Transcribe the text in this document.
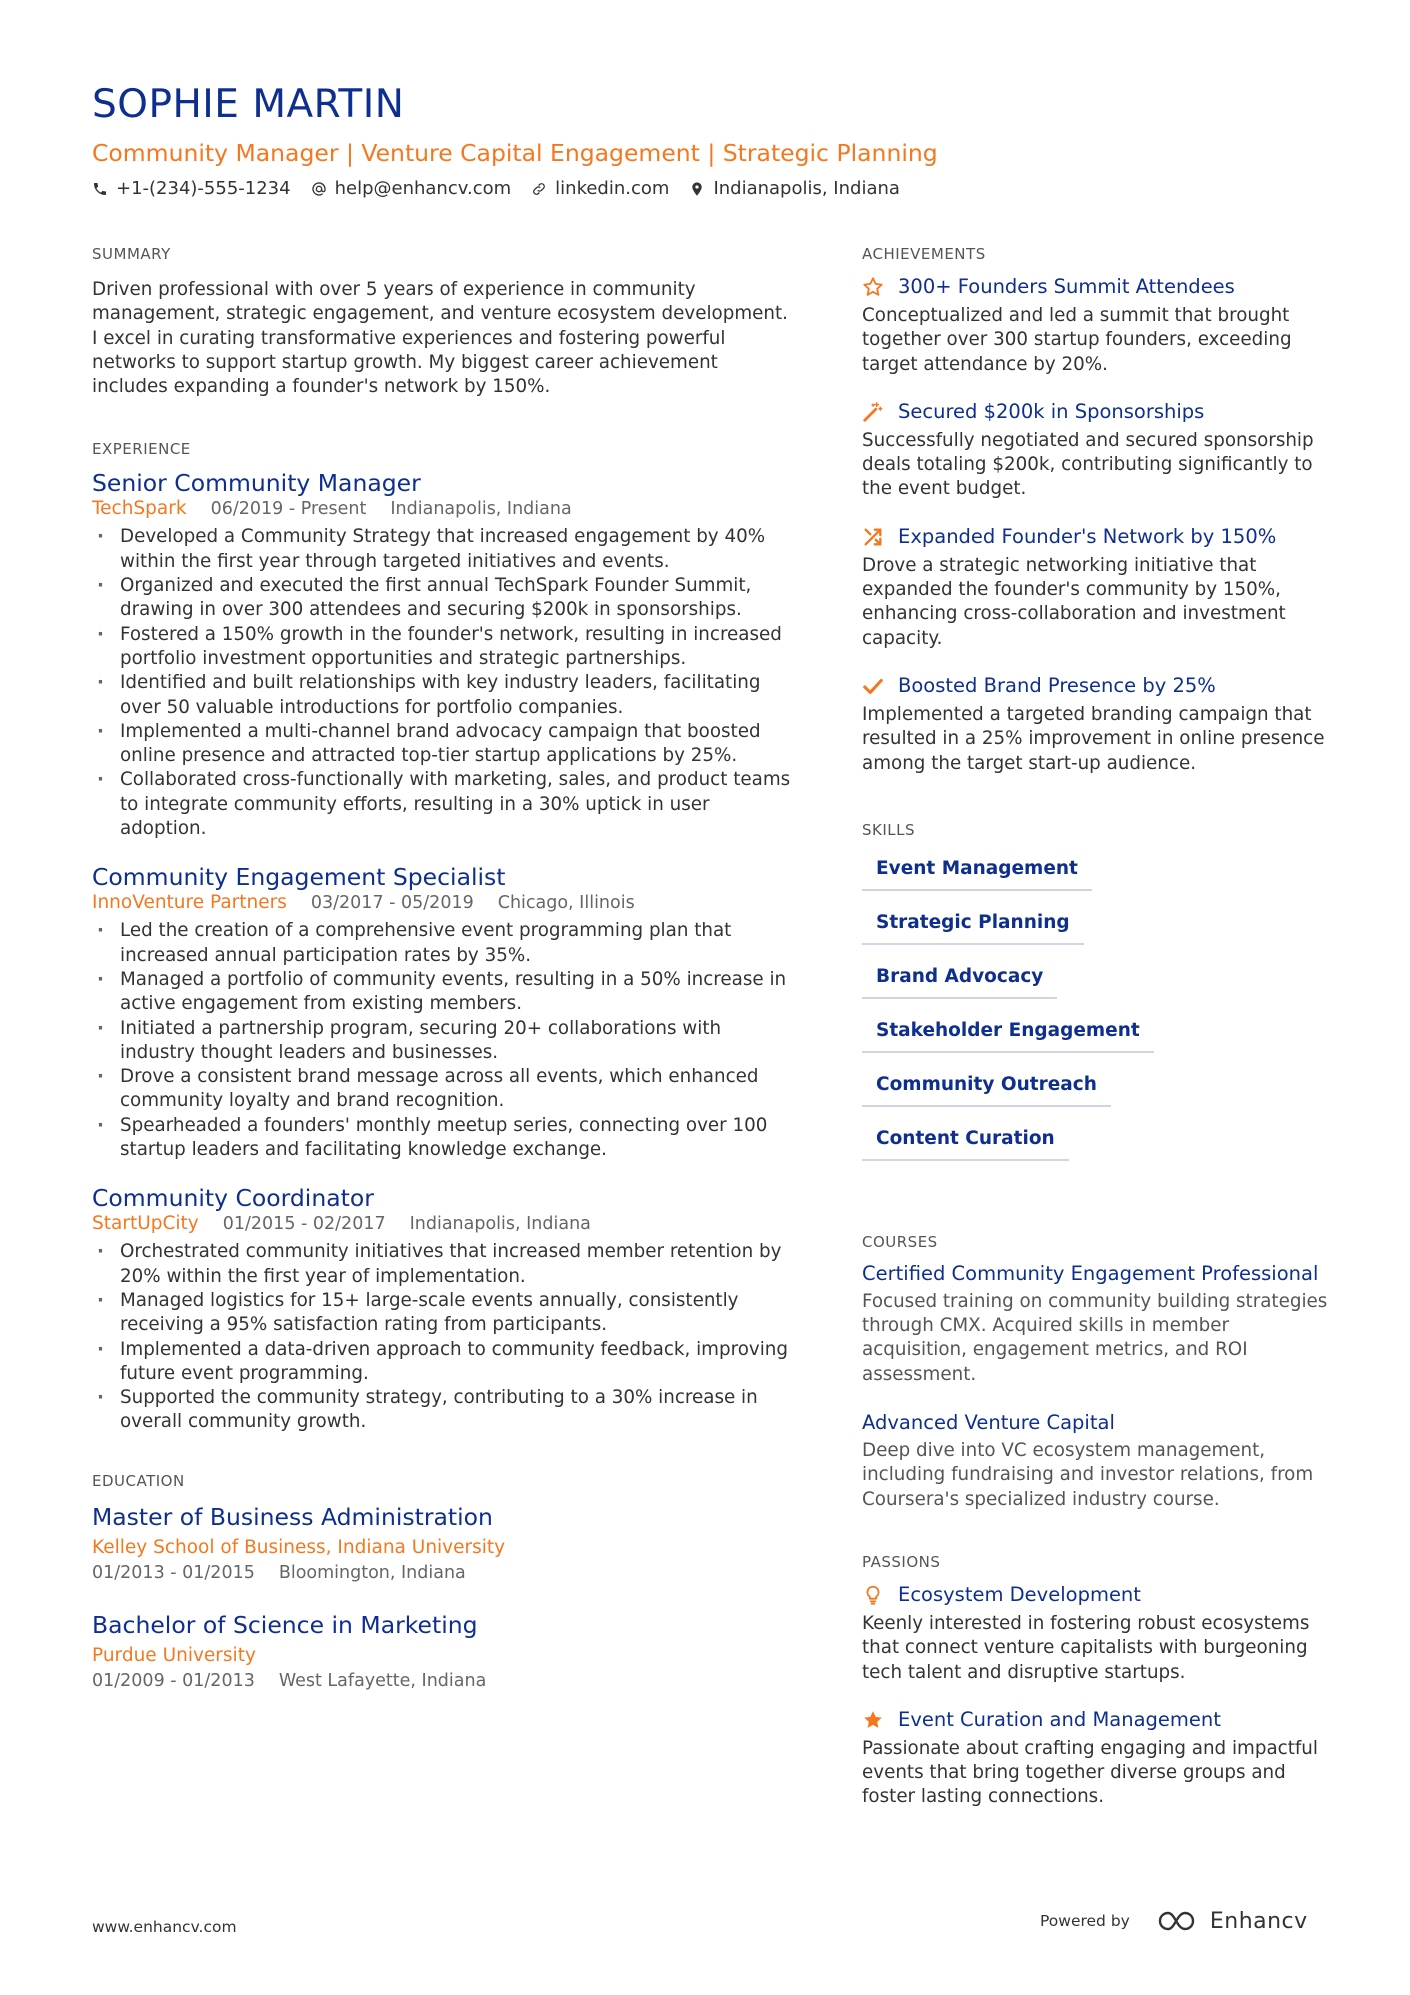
SOPHIE MARTIN
Community Manager | Venture Capital Engagement | Strategic Planning
+1-(234)-555-1234 help@enhancv.com linkedin.com Indianapolis, Indiana
SUMMARY
Driven professional with over 5 years of experience in community management, strategic engagement, and venture ecosystem development. I excel in curating transformative experiences and fostering powerful networks to support startup growth. My biggest career achievement includes expanding a founder's network by 150%.
EXPERIENCE
Senior Community Manager
TechSpark 06/2019 - Present Indianapolis, Indiana
· Developed a Community Strategy that increased engagement by 40% within the first year through targeted initiatives and events.
· Organized and executed the first annual TechSpark Founder Summit, drawing in over 300 attendees and securing $200k in sponsorships.
· Fostered a 150% growth in the founder's network, resulting in increased portfolio investment opportunities and strategic partnerships.
· Identified and built relationships with key industry leaders, facilitating over 50 valuable introductions for portfolio companies.
· Implemented a multi-channel brand advocacy campaign that boosted online presence and attracted top-tier startup applications by 25%.
· Collaborated cross-functionally with marketing, sales, and product teams to integrate community efforts, resulting in a 30% uptick in user adoption.
Community Engagement Specialist
InnoVenture Partners 03/2017 - 05/2019 Chicago, Illinois
· Led the creation of a comprehensive event programming plan that increased annual participation rates by 35%.
· Managed a portfolio of community events, resulting in a 50% increase in active engagement from existing members.
· Initiated a partnership program, securing 20+ collaborations with industry thought leaders and businesses.
· Drove a consistent brand message across all events, which enhanced community loyalty and brand recognition.
· Spearheaded a founders' monthly meetup series, connecting over 100 startup leaders and facilitating knowledge exchange.
Community Coordinator
StartUpCity 01/2015 - 02/2017 Indianapolis, Indiana
· Orchestrated community initiatives that increased member retention by 20% within the first year of implementation.
· Managed logistics for 15+ large-scale events annually, consistently receiving a 95% satisfaction rating from participants.
· Implemented a data-driven approach to community feedback, improving future event programming.
· Supported the community strategy, contributing to a 30% increase in overall community growth.
EDUCATION
Master of Business Administration
Kelley School of Business, Indiana University
01/2013 - 01/2015 Bloomington, Indiana
Bachelor of Science in Marketing
Purdue University
01/2009 - 01/2013 West Lafayette, Indiana
ACHIEVEMENTS
300+ Founders Summit Attendees
Conceptualized and led a summit that brought together over 300 startup founders, exceeding target attendance by 20%.
Secured $200k in Sponsorships
Successfully negotiated and secured sponsorship deals totaling $200k, contributing significantly to the event budget.
Expanded Founder's Network by 150%
Drove a strategic networking initiative that expanded the founder's community by 150%, enhancing cross-collaboration and investment capacity.
Boosted Brand Presence by 25%
Implemented a targeted branding campaign that resulted in a 25% improvement in online presence among the target start-up audience.
SKILLS
Event Management
Strategic Planning
Brand Advocacy
Stakeholder Engagement
Community Outreach
Content Curation
COURSES
Certified Community Engagement Professional
Focused training on community building strategies through CMX. Acquired skills in member acquisition, engagement metrics, and ROI assessment.
Advanced Venture Capital
Deep dive into VC ecosystem management, including fundraising and investor relations, from Coursera's specialized industry course.
PASSIONS
Ecosystem Development
Keenly interested in fostering robust ecosystems that connect venture capitalists with burgeoning tech talent and disruptive startups.
Event Curation and Management
Passionate about crafting engaging and impactful events that bring together diverse groups and foster lasting connections.
www.enhancv.com	Powered by	Enhancv
